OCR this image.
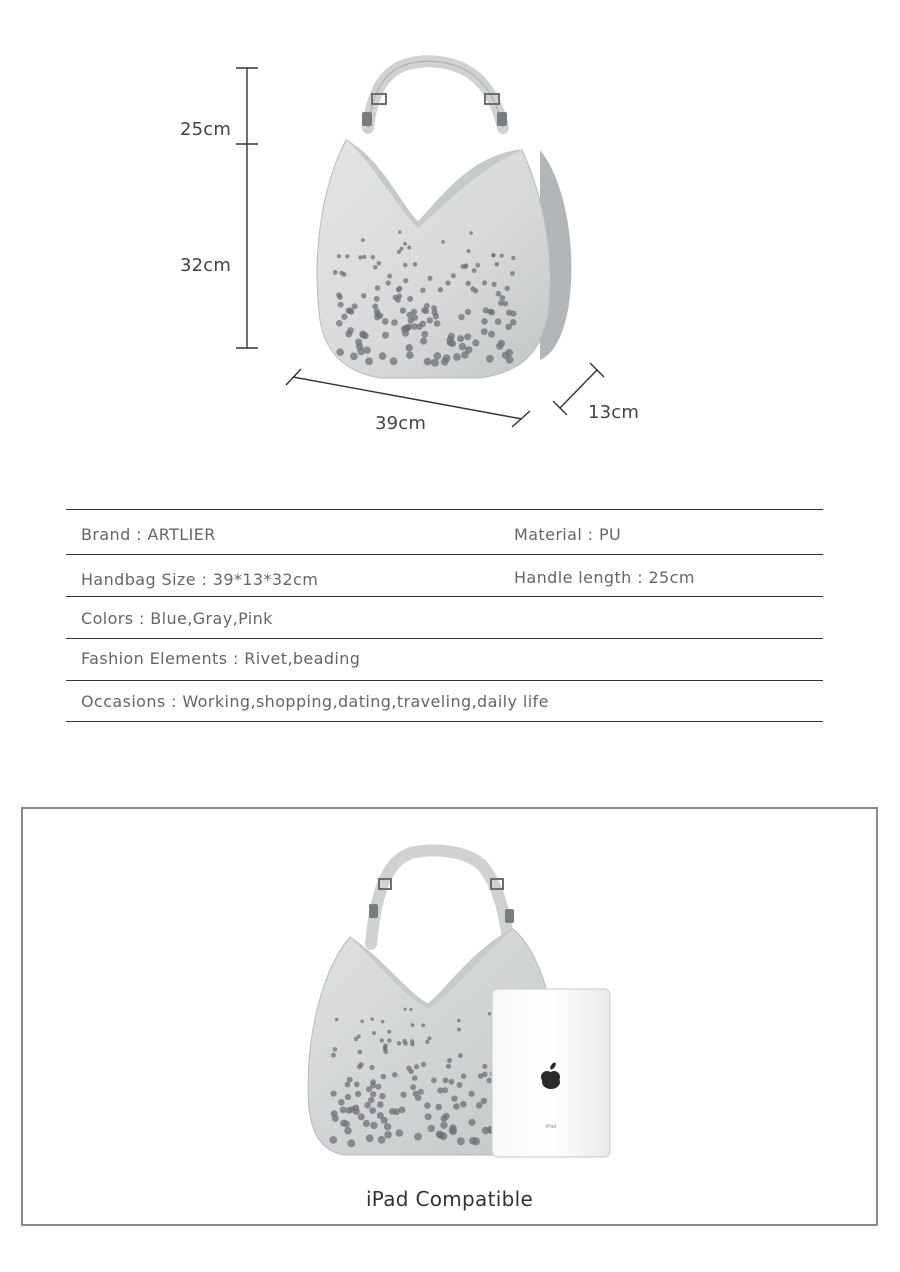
25cm
32cm
39cm
13cm
Brand : ARTLIER	Material : PU
Handbag Size : 39*13*32cm	Handle length : 25cm
Colors : Blue,Gray,Pink
Fashion Elements : Rivet,beading
Occasions : Working,shopping,dating,traveling,daily life
iPad
iPad Compatible
